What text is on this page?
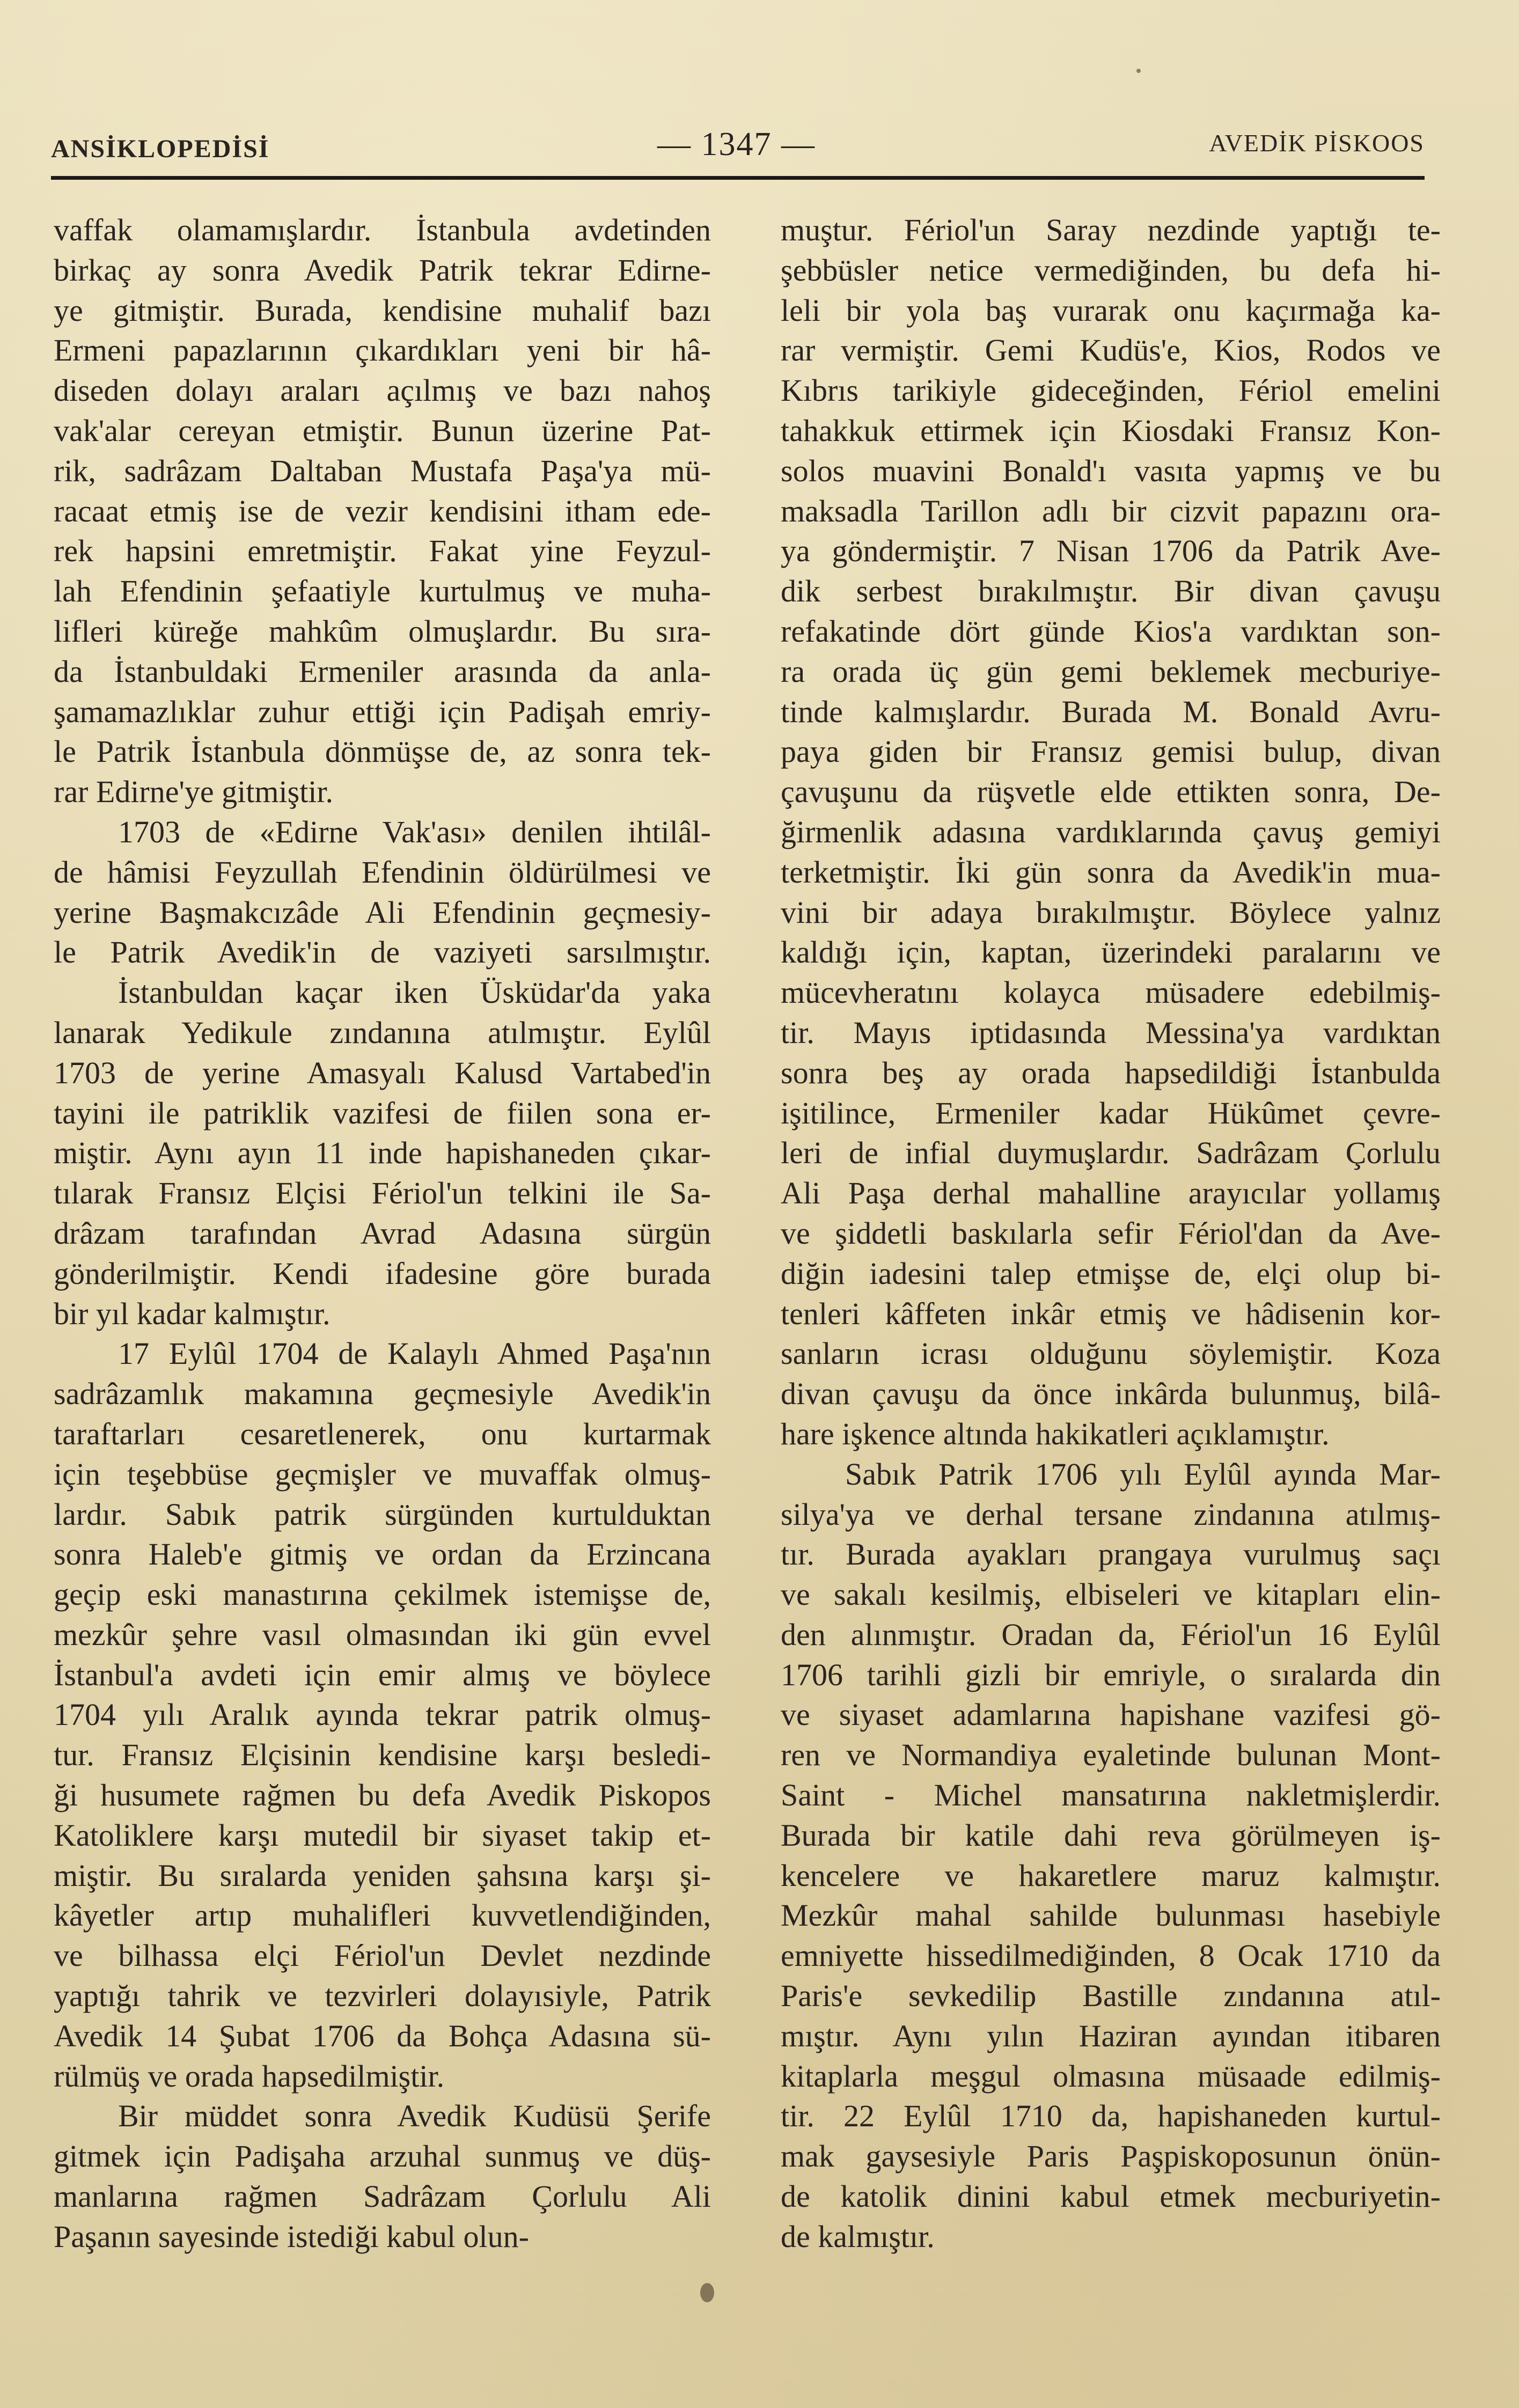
ANSİKLOPEDİSİ	— 1347 —	AVEDİK PİSKOOS
vaffak olamamışlardır. İstanbula avdetinden
birkaç ay sonra Avedik Patrik tekrar Edirne-
ye gitmiştir. Burada, kendisine muhalif bazı
Ermeni papazlarının çıkardıkları yeni bir hâ-
diseden dolayı araları açılmış ve bazı nahoş
vak'alar cereyan etmiştir. Bunun üzerine Pat-
rik, sadrâzam Daltaban Mustafa Paşa'ya mü-
racaat etmiş ise de vezir kendisini itham ede-
rek hapsini emretmiştir. Fakat yine Feyzul-
lah Efendinin şefaatiyle kurtulmuş ve muha-
lifleri küreğe mahkûm olmuşlardır. Bu sıra-
da İstanbuldaki Ermeniler arasında da anla-
şamamazlıklar zuhur ettiği için Padişah emriy-
le Patrik İstanbula dönmüşse de, az sonra tek-
rar Edirne'ye gitmiştir.
1703 de «Edirne Vak'ası» denilen ihtilâl-
de hâmisi Feyzullah Efendinin öldürülmesi ve
yerine Başmakcızâde Ali Efendinin geçmesiy-
le Patrik Avedik'in de vaziyeti sarsılmıştır.
İstanbuldan kaçar iken Üsküdar'da yaka
lanarak Yedikule zındanına atılmıştır. Eylûl
1703 de yerine Amasyalı Kalusd Vartabed'in
tayini ile patriklik vazifesi de fiilen sona er-
miştir. Aynı ayın 11 inde hapishaneden çıkar-
tılarak Fransız Elçisi Fériol'un telkini ile Sa-
drâzam tarafından Avrad Adasına sürgün
gönderilmiştir. Kendi ifadesine göre burada
bir yıl kadar kalmıştır.
17 Eylûl 1704 de Kalaylı Ahmed Paşa'nın
sadrâzamlık makamına geçmesiyle Avedik'in
taraftarları cesaretlenerek, onu kurtarmak
için teşebbüse geçmişler ve muvaffak olmuş-
lardır. Sabık patrik sürgünden kurtulduktan
sonra Haleb'e gitmiş ve ordan da Erzincana
geçip eski manastırına çekilmek istemişse de,
mezkûr şehre vasıl olmasından iki gün evvel
İstanbul'a avdeti için emir almış ve böylece
1704 yılı Aralık ayında tekrar patrik olmuş-
tur. Fransız Elçisinin kendisine karşı besledi-
ği husumete rağmen bu defa Avedik Piskopos
Katoliklere karşı mutedil bir siyaset takip et-
miştir. Bu sıralarda yeniden şahsına karşı şi-
kâyetler artıp muhalifleri kuvvetlendiğinden,
ve bilhassa elçi Fériol'un Devlet nezdinde
yaptığı tahrik ve tezvirleri dolayısiyle, Patrik
Avedik 14 Şubat 1706 da Bohça Adasına sü-
rülmüş ve orada hapsedilmiştir.
Bir müddet sonra Avedik Kudüsü Şerife
gitmek için Padişaha arzuhal sunmuş ve düş-
manlarına rağmen Sadrâzam Çorlulu Ali
Paşanın sayesinde istediği kabul olun-
muştur. Fériol'un Saray nezdinde yaptığı te-
şebbüsler netice vermediğinden, bu defa hi-
leli bir yola baş vurarak onu kaçırmağa ka-
rar vermiştir. Gemi Kudüs'e, Kios, Rodos ve
Kıbrıs tarikiyle gideceğinden, Fériol emelini
tahakkuk ettirmek için Kiosdaki Fransız Kon-
solos muavini Bonald'ı vasıta yapmış ve bu
maksadla Tarillon adlı bir cizvit papazını ora-
ya göndermiştir. 7 Nisan 1706 da Patrik Ave-
dik serbest bırakılmıştır. Bir divan çavuşu
refakatinde dört günde Kios'a vardıktan son-
ra orada üç gün gemi beklemek mecburiye-
tinde kalmışlardır. Burada M. Bonald Avru-
paya giden bir Fransız gemisi bulup, divan
çavuşunu da rüşvetle elde ettikten sonra, De-
ğirmenlik adasına vardıklarında çavuş gemiyi
terketmiştir. İki gün sonra da Avedik'in mua-
vini bir adaya bırakılmıştır. Böylece yalnız
kaldığı için, kaptan, üzerindeki paralarını ve
mücevheratını kolayca müsadere edebilmiş-
tir. Mayıs iptidasında Messina'ya vardıktan
sonra beş ay orada hapsedildiği İstanbulda
işitilince, Ermeniler kadar Hükûmet çevre-
leri de infial duymuşlardır. Sadrâzam Çorlulu
Ali Paşa derhal mahalline arayıcılar yollamış
ve şiddetli baskılarla sefir Fériol'dan da Ave-
diğin iadesini talep etmişse de, elçi olup bi-
tenleri kâffeten inkâr etmiş ve hâdisenin kor-
sanların icrası olduğunu söylemiştir. Koza
divan çavuşu da önce inkârda bulunmuş, bilâ-
hare işkence altında hakikatleri açıklamıştır.
Sabık Patrik 1706 yılı Eylûl ayında Mar-
silya'ya ve derhal tersane zindanına atılmış-
tır. Burada ayakları prangaya vurulmuş saçı
ve sakalı kesilmiş, elbiseleri ve kitapları elin-
den alınmıştır. Oradan da, Fériol'un 16 Eylûl
1706 tarihli gizli bir emriyle, o sıralarda din
ve siyaset adamlarına hapishane vazifesi gö-
ren ve Normandiya eyaletinde bulunan Mont-
Saint - Michel mansatırına nakletmişlerdir.
Burada bir katile dahi reva görülmeyen iş-
kencelere ve hakaretlere maruz kalmıştır.
Mezkûr mahal sahilde bulunması hasebiyle
emniyette hissedilmediğinden, 8 Ocak 1710 da
Paris'e sevkedilip Bastille zındanına atıl-
mıştır. Aynı yılın Haziran ayından itibaren
kitaplarla meşgul olmasına müsaade edilmiş-
tir. 22 Eylûl 1710 da, hapishaneden kurtul-
mak gaysesiyle Paris Paşpiskoposunun önün-
de katolik dinini kabul etmek mecburiyetin-
de kalmıştır.
